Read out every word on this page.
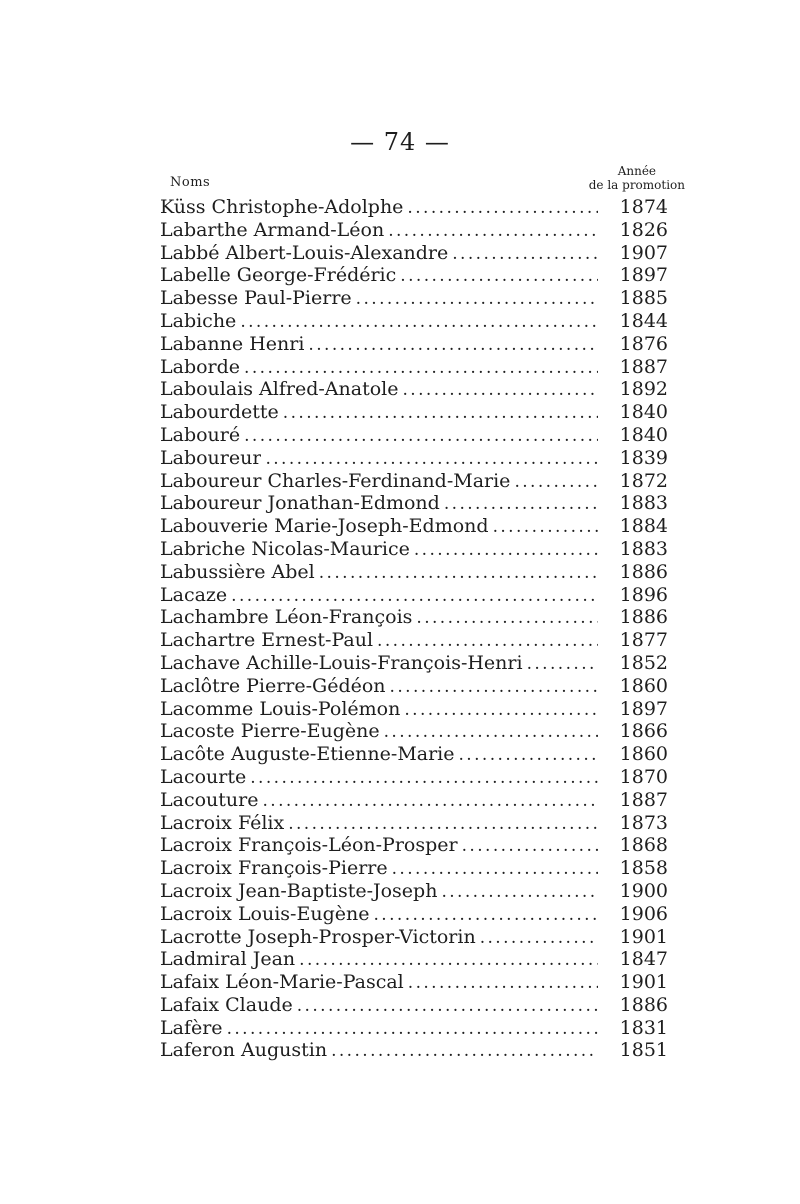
— 74 —
Noms
Année
de la promotion
Küss Christophe-Adolphe .....	1874
Labarthe Armand-Léon .....	1826
Labbé Albert-Louis-Alexandre .....	1907
Labelle George-Frédéric .....	1897
Labesse Paul-Pierre .....	1885
Labiche .....	1844
Labanne Henri .....	1876
Laborde .....	1887
Laboulais Alfred-Anatole .....	1892
Labourdette .....	1840
Labouré .....	1840
Laboureur .....	1839
Laboureur Charles-Ferdinand-Marie .....	1872
Laboureur Jonathan-Edmond .....	1883
Labouverie Marie-Joseph-Edmond .....	1884
Labriche Nicolas-Maurice .....	1883
Labussière Abel .....	1886
Lacaze .....	1896
Lachambre Léon-François .....	1886
Lachartre Ernest-Paul .....	1877
Lachave Achille-Louis-François-Henri .....	1852
Laclôtre Pierre-Gédéon .....	1860
Lacomme Louis-Polémon .....	1897
Lacoste Pierre-Eugène .....	1866
Lacôte Auguste-Etienne-Marie .....	1860
Lacourte .....	1870
Lacouture .....	1887
Lacroix Félix .....	1873
Lacroix François-Léon-Prosper .....	1868
Lacroix François-Pierre .....	1858
Lacroix Jean-Baptiste-Joseph .....	1900
Lacroix Louis-Eugène .....	1906
Lacrotte Joseph-Prosper-Victorin .....	1901
Ladmiral Jean .....	1847
Lafaix Léon-Marie-Pascal .....	1901
Lafaix Claude .....	1886
Lafère .....	1831
Laferon Augustin .....	1851
